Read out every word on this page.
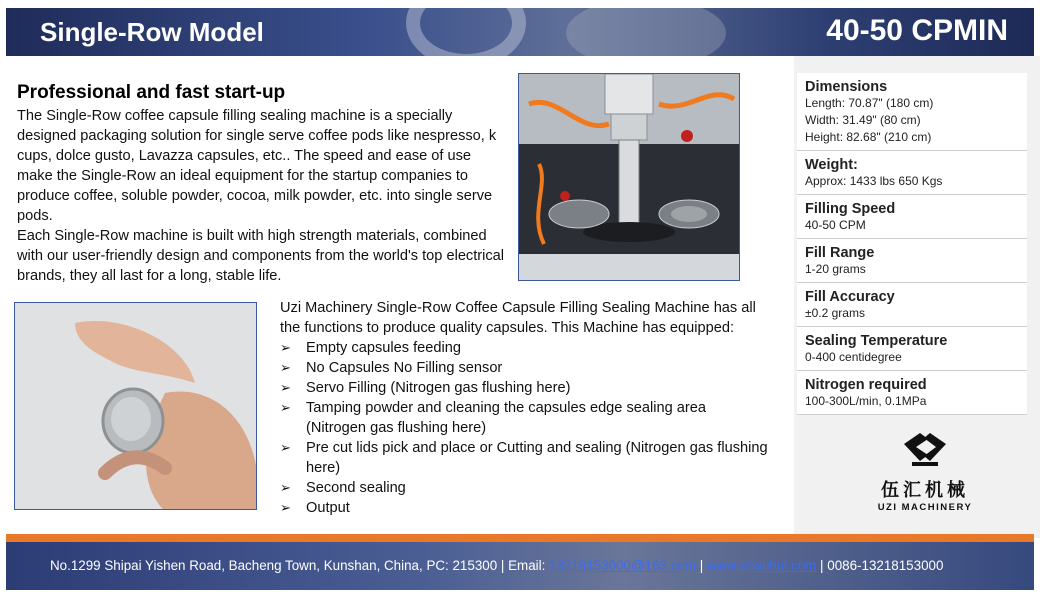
Single-Row Model	40-50 CPMIN
Professional and fast start-up

The Single-Row coffee capsule filling sealing machine is a specially designed packaging solution for single serve coffee pods like nespresso, k cups, dolce gusto, Lavazza capsules, etc.. The speed and ease of use make the Single-Row an ideal equipment for the startup companies to produce coffee, soluble powder, cocoa, milk powder, etc. into single serve pods.

Each Single-Row machine is built with high strength materials, combined with our user-friendly design and components from the world's top electrical brands, they all last for a long, stable life.

Uzi Machinery Single-Row Coffee Capsule Filling Sealing Machine has all the functions to produce quality capsules. This Machine has equipped:

➢ Empty capsules feeding
➢ No Capsules No Filling sensor
➢ Servo Filling (Nitrogen gas flushing here)
➢ Tamping powder and cleaning the capsules edge sealing area (Nitrogen gas flushing here)
➢ Pre cut lids pick and place or Cutting and sealing (Nitrogen gas flushing here)
➢ Second sealing
➢ Output
Dimensions
Length: 70.87" (180 cm)
Width: 31.49" (80 cm)
Height: 82.68" (210 cm)
Weight:
Approx: 1433 lbs 650 Kgs
Filling Speed
40-50 CPM
Fill Range
1-20 grams
Fill Accuracy
±0.2 grams
Sealing Temperature
0-400 centidegree
Nitrogen required
100-300L/min, 0.1MPa
伍汇机械
UZI MACHINERY
No.1299 Shipai Yishen Road, Bacheng Town, Kunshan, China, PC: 215300 | Email: 13218153000@163.com | www.szwuhui.com | 0086-13218153000
